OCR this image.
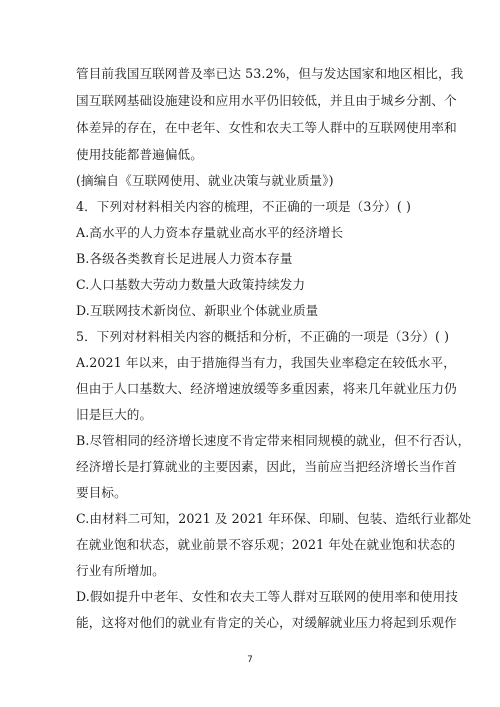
管目前我国互联网普及率已达 53.2%，但与发达国家和地区相比，我
国互联网基础设施建设和应用水平仍旧较低，并且由于城乡分割、个
体差异的存在，在中老年、女性和农夫工等人群中的互联网使用率和
使用技能都普遍偏低。
(摘编自《互联网使用、就业决策与就业质量》)
4．下列对材料相关内容的梳理，不正确的一项是（3分）( )
A.高水平的人力资本存量就业高水平的经济增长
B.各级各类教育长足进展人力资本存量
C.人口基数大劳动力数量大政策持续发力
D.互联网技术新岗位、新职业个体就业质量
5．下列对材料相关内容的概括和分析，不正确的一项是（3分）( )
A.2021 年以来，由于措施得当有力，我国失业率稳定在较低水平，
但由于人口基数大、经济增速放缓等多重因素，将来几年就业压力仍
旧是巨大的。
B.尽管相同的经济增长速度不肯定带来相同规模的就业，但不行否认，
经济增长是打算就业的主要因素，因此，当前应当把经济增长当作首
要目标。
C.由材料二可知，2021 及 2021 年环保、印刷、包装、造纸行业都处
在就业饱和状态，就业前景不容乐观；2021 年处在就业饱和状态的
行业有所增加。
D.假如提升中老年、女性和农夫工等人群对互联网的使用率和使用技
能，这将对他们的就业有肯定的关心，对缓解就业压力将起到乐观作
7
